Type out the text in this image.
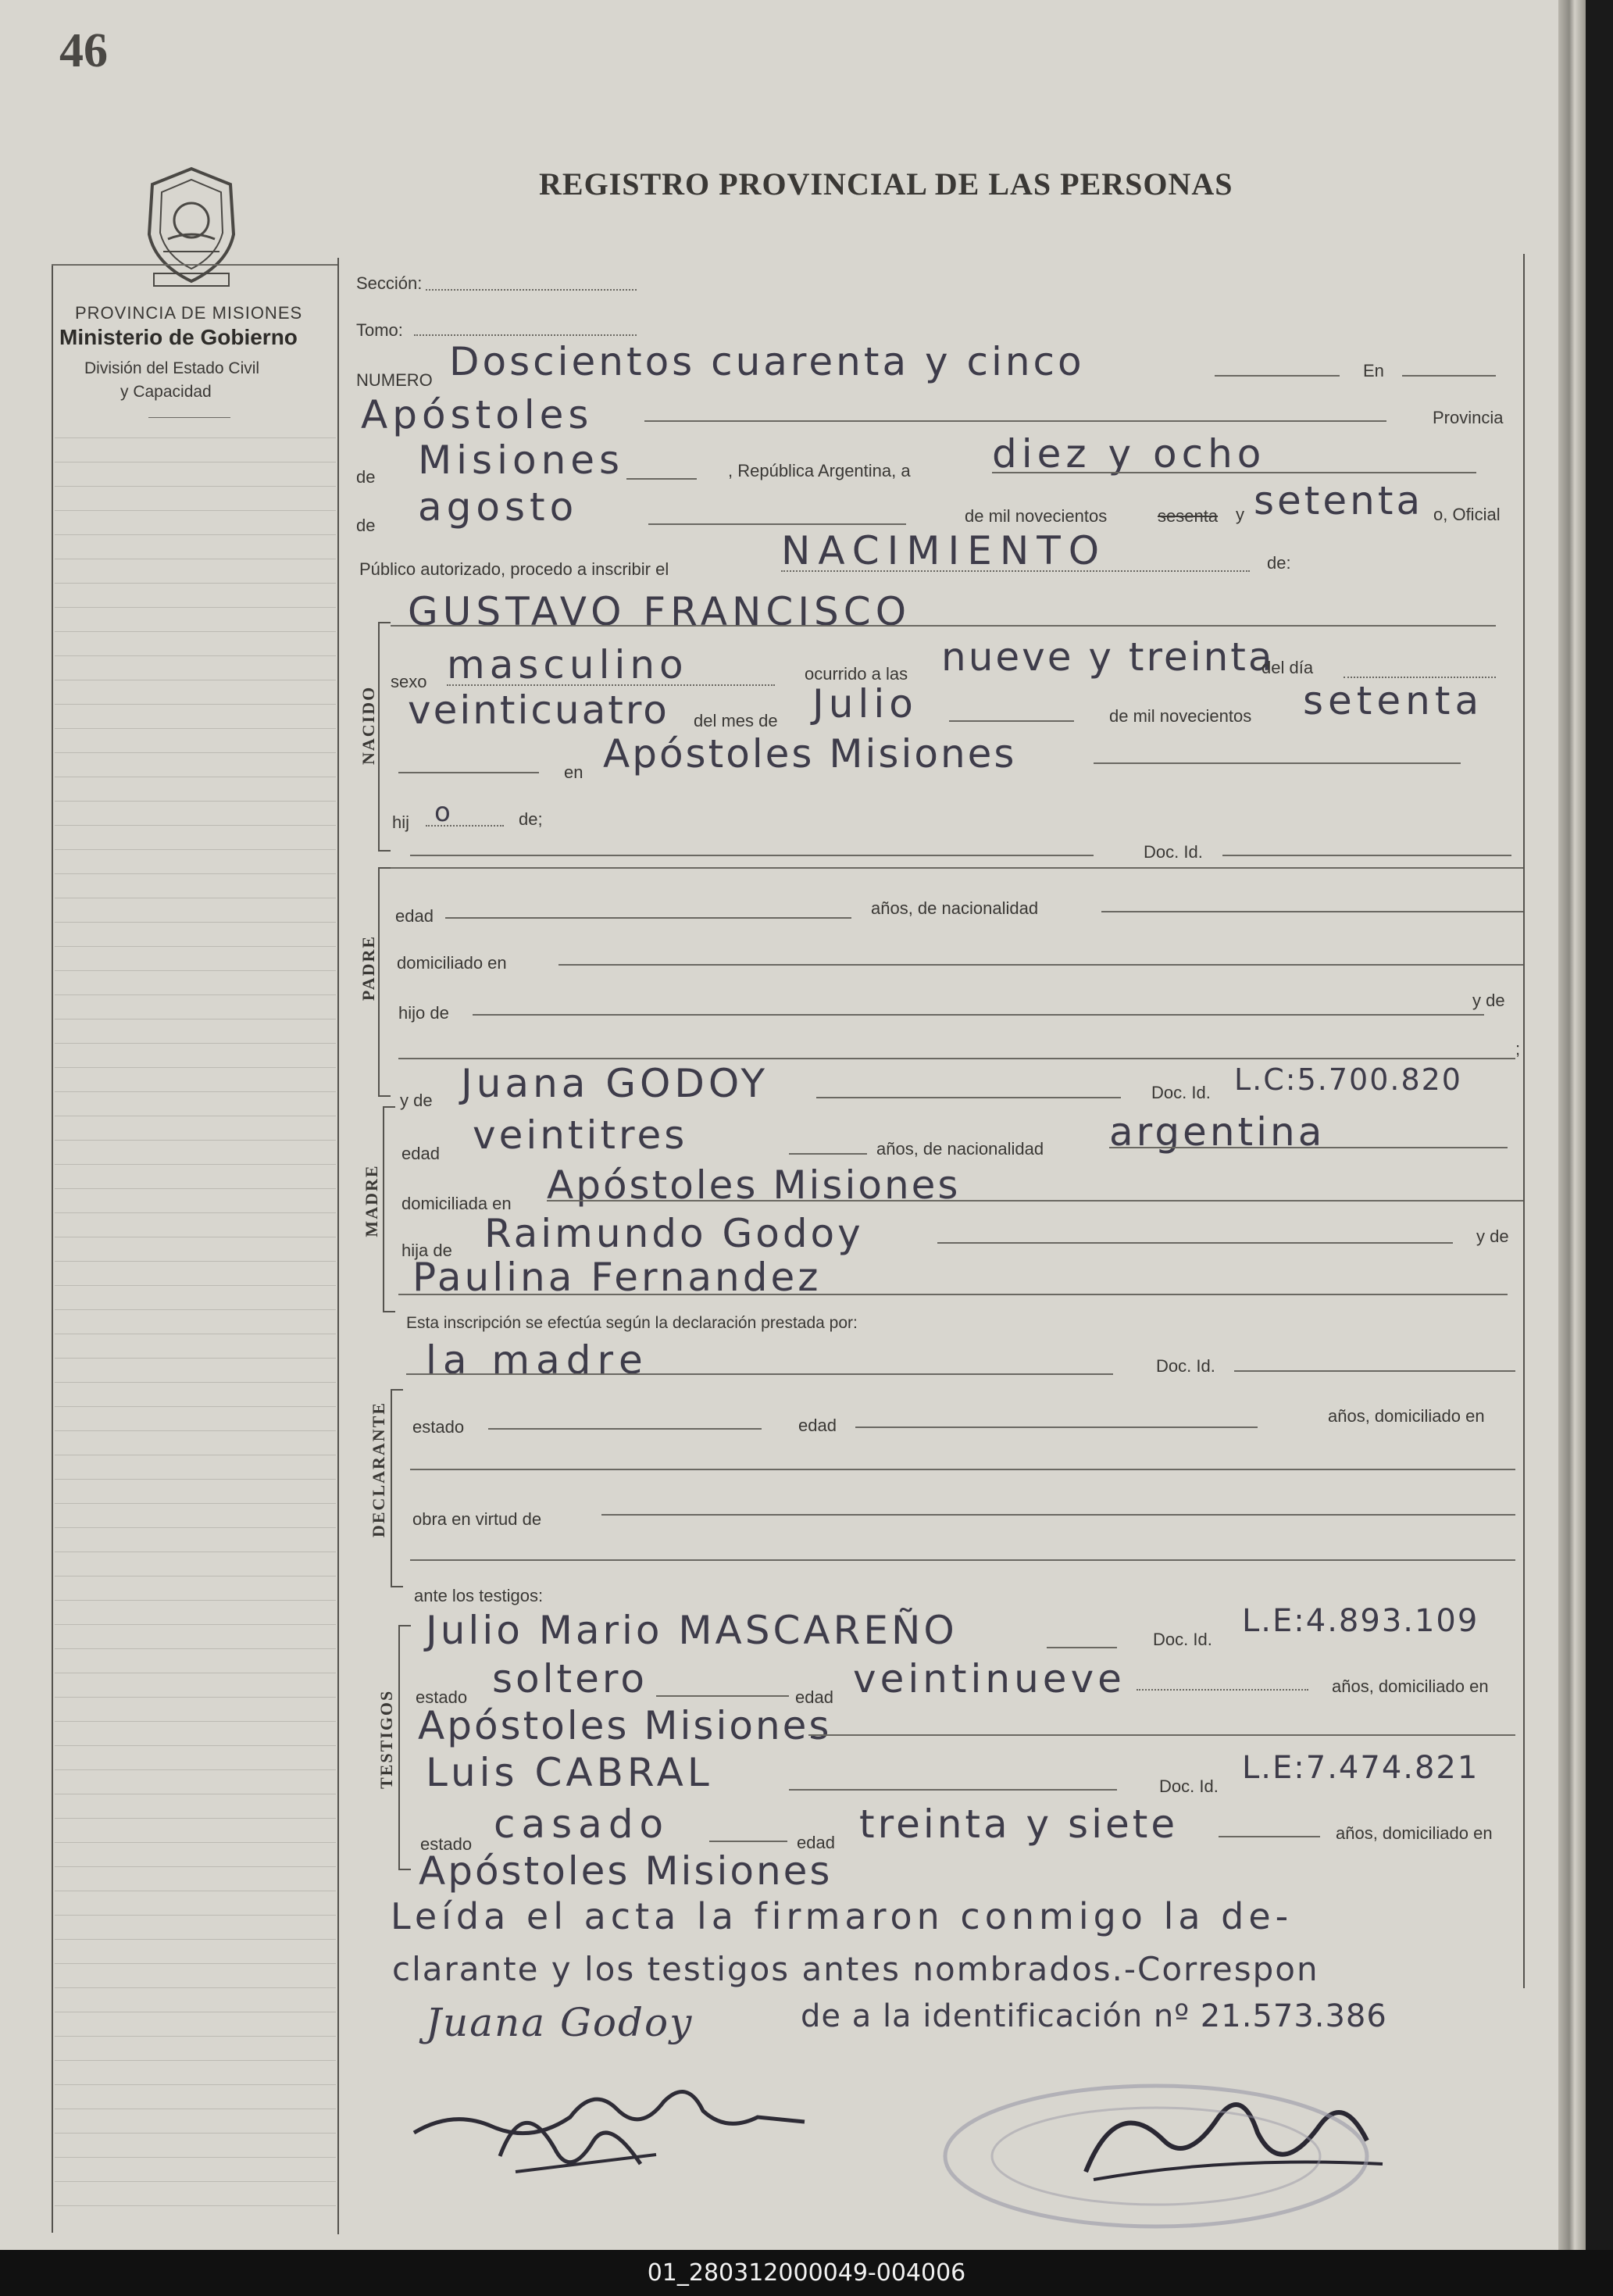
46
REGISTRO PROVINCIAL DE LAS PERSONAS
PROVINCIA DE MISIONES
Ministerio de Gobierno
División del Estado Civil
y Capacidad
Sección:
Tomo:
NUMERO Doscientos cuarenta y cinco	En
Apóstoles	Provincia
de Misiones	, República Argentina, a diez y ocho
de agosto	de mil novecientos	sesenta y setenta o, Oficial
Público autorizado, procedo a inscribir el	NACIMIENTO	de:
NACIDO
GUSTAVO FRANCISCO
sexo masculino	ocurrido a las nueve y treinta
del día
veinticuatro del mes de Julio	de mil novecientos setenta
en Apóstoles Misiones
hij o	de;
Doc. Id.
PADRE
edad	años, de nacionalidad
domiciliado en
hijo de
y de
;
y de Juana GODOY	Doc. Id. L.C:5.700.820
MADRE
edad veintitres	años, de nacionalidad argentina
domiciliada en Apóstoles Misiones
hija de Raimundo Godoy	y de
Paulina Fernandez
Esta inscripción se efectúa según la declaración prestada por:
la madre	Doc. Id.
DECLARANTE estado	edad	años, domiciliado en
obra en virtud de
ante los testigos:
TESTIGOS
Julio Mario MASCAREÑO	Doc. Id.
L.E:4.893.109
estado soltero	edad veintinueve	años, domiciliado en
Apóstoles Misiones
Luis CABRAL	Doc. Id.
L.E:7.474.821
estado casado	edad treinta y siete	años, domiciliado en
Apóstoles Misiones
Leída el acta la firmaron conmigo la de-
clarante y los testigos antes nombrados.-Correspon
Juana Godoy	de a la identificación nº 21.573.386
01_280312000049-004006
